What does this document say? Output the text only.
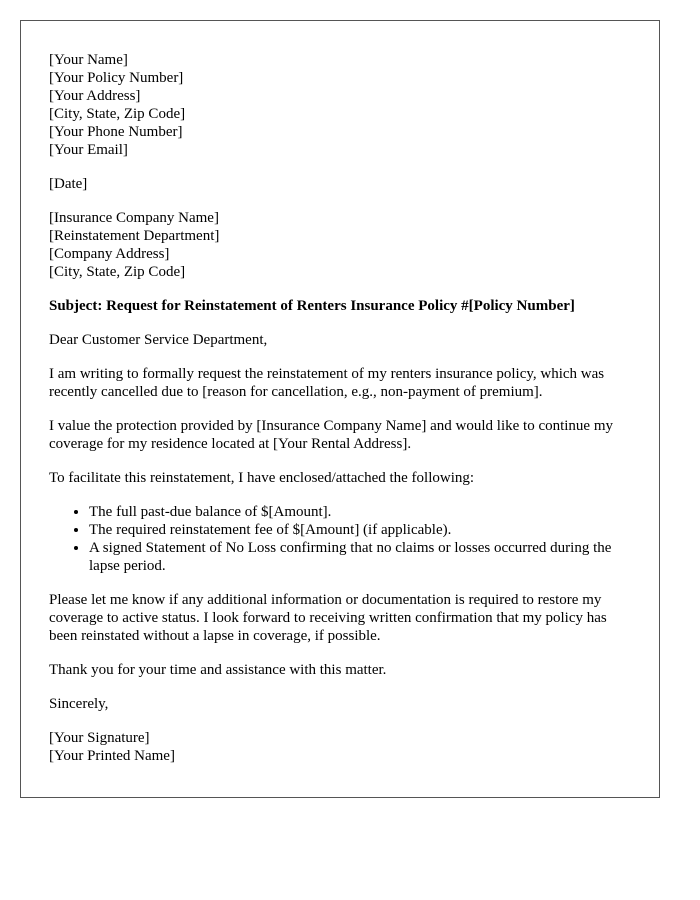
[Your Name]
[Your Policy Number]
[Your Address]
[City, State, Zip Code]
[Your Phone Number]
[Your Email]
[Date]
[Insurance Company Name]
[Reinstatement Department]
[Company Address]
[City, State, Zip Code]

Subject: Request for Reinstatement of Renters Insurance Policy #[Policy Number]

Dear Customer Service Department,

I am writing to formally request the reinstatement of my renters insurance policy, which was recently cancelled due to [reason for cancellation, e.g., non-payment of premium].

I value the protection provided by [Insurance Company Name] and would like to continue my coverage for my residence located at [Your Rental Address].

To facilitate this reinstatement, I have enclosed/attached the following:

• The full past-due balance of $[Amount].
• The required reinstatement fee of $[Amount] (if applicable).
• A signed Statement of No Loss confirming that no claims or losses occurred during the lapse period.

Please let me know if any additional information or documentation is required to restore my coverage to active status. I look forward to receiving written confirmation that my policy has been reinstated without a lapse in coverage, if possible.

Thank you for your time and assistance with this matter.

Sincerely,

[Your Signature]
[Your Printed Name]
